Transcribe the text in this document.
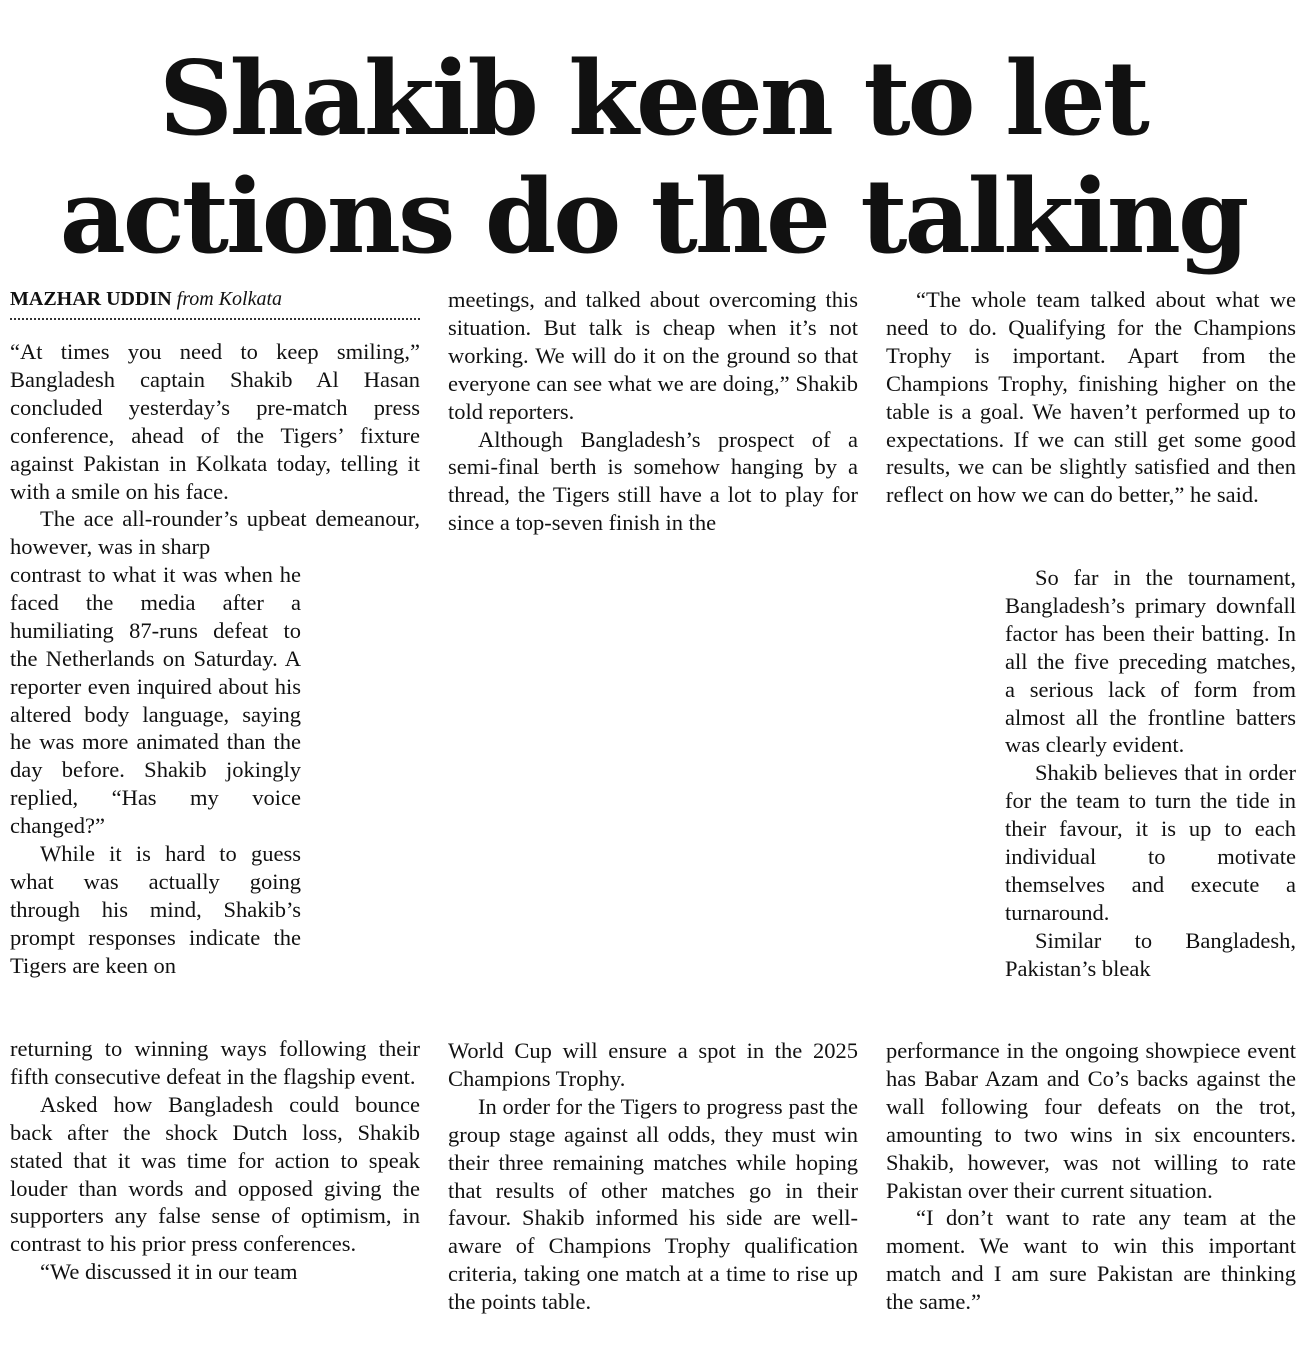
Shakib keen to let
actions do the talking
MAZHAR UDDIN from Kolkata

“At times you need to keep smiling,” Bangladesh captain Shakib Al Hasan concluded yesterday’s pre-match press conference, ahead of the Tigers’ fixture against Pakistan in Kolkata today, telling it with a smile on his face.

The ace all-rounder’s upbeat demeanour, however, was in sharp

contrast to what it was when he faced the media after a humiliating 87-runs defeat to the Netherlands on Saturday. A reporter even inquired about his altered body language, saying he was more animated than the day before. Shakib jokingly replied, “Has my voice changed?”

While it is hard to guess what was actually going through his mind, Shakib’s prompt responses indicate the Tigers are keen on

returning to winning ways following their fifth consecutive defeat in the flagship event.

Asked how Bangladesh could bounce back after the shock Dutch loss, Shakib stated that it was time for action to speak louder than words and opposed giving the supporters any false sense of optimism, in contrast to his prior press conferences.

“We discussed it in our team

meetings, and talked about overcoming this situation. But talk is cheap when it’s not working. We will do it on the ground so that everyone can see what we are doing,” Shakib told reporters.

Although Bangladesh’s prospect of a semi-final berth is somehow hanging by a thread, the Tigers still have a lot to play for since a top-seven finish in the

World Cup will ensure a spot in the 2025 Champions Trophy.

In order for the Tigers to progress past the group stage against all odds, they must win their three remaining matches while hoping that results of other matches go in their favour. Shakib informed his side are well-aware of Champions Trophy qualification criteria, taking one match at a time to rise up the points table.

“The whole team talked about what we need to do. Qualifying for the Champions Trophy is important. Apart from the Champions Trophy, finishing higher on the table is a goal. We haven’t performed up to expectations. If we can still get some good results, we can be slightly satisfied and then reflect on how we can do better,” he said.

So far in the tournament, Bangladesh’s primary downfall factor has been their batting. In all the five preceding matches, a serious lack of form from almost all the frontline batters was clearly evident.

Shakib believes that in order for the team to turn the tide in their favour, it is up to each individual to motivate themselves and execute a turnaround.

Similar to Bangladesh, Pakistan’s bleak

performance in the ongoing showpiece event has Babar Azam and Co’s backs against the wall following four defeats on the trot, amounting to two wins in six encounters. Shakib, however, was not willing to rate Pakistan over their current situation.

“I don’t want to rate any team at the moment. We want to win this important match and I am sure Pakistan are thinking the same.”
